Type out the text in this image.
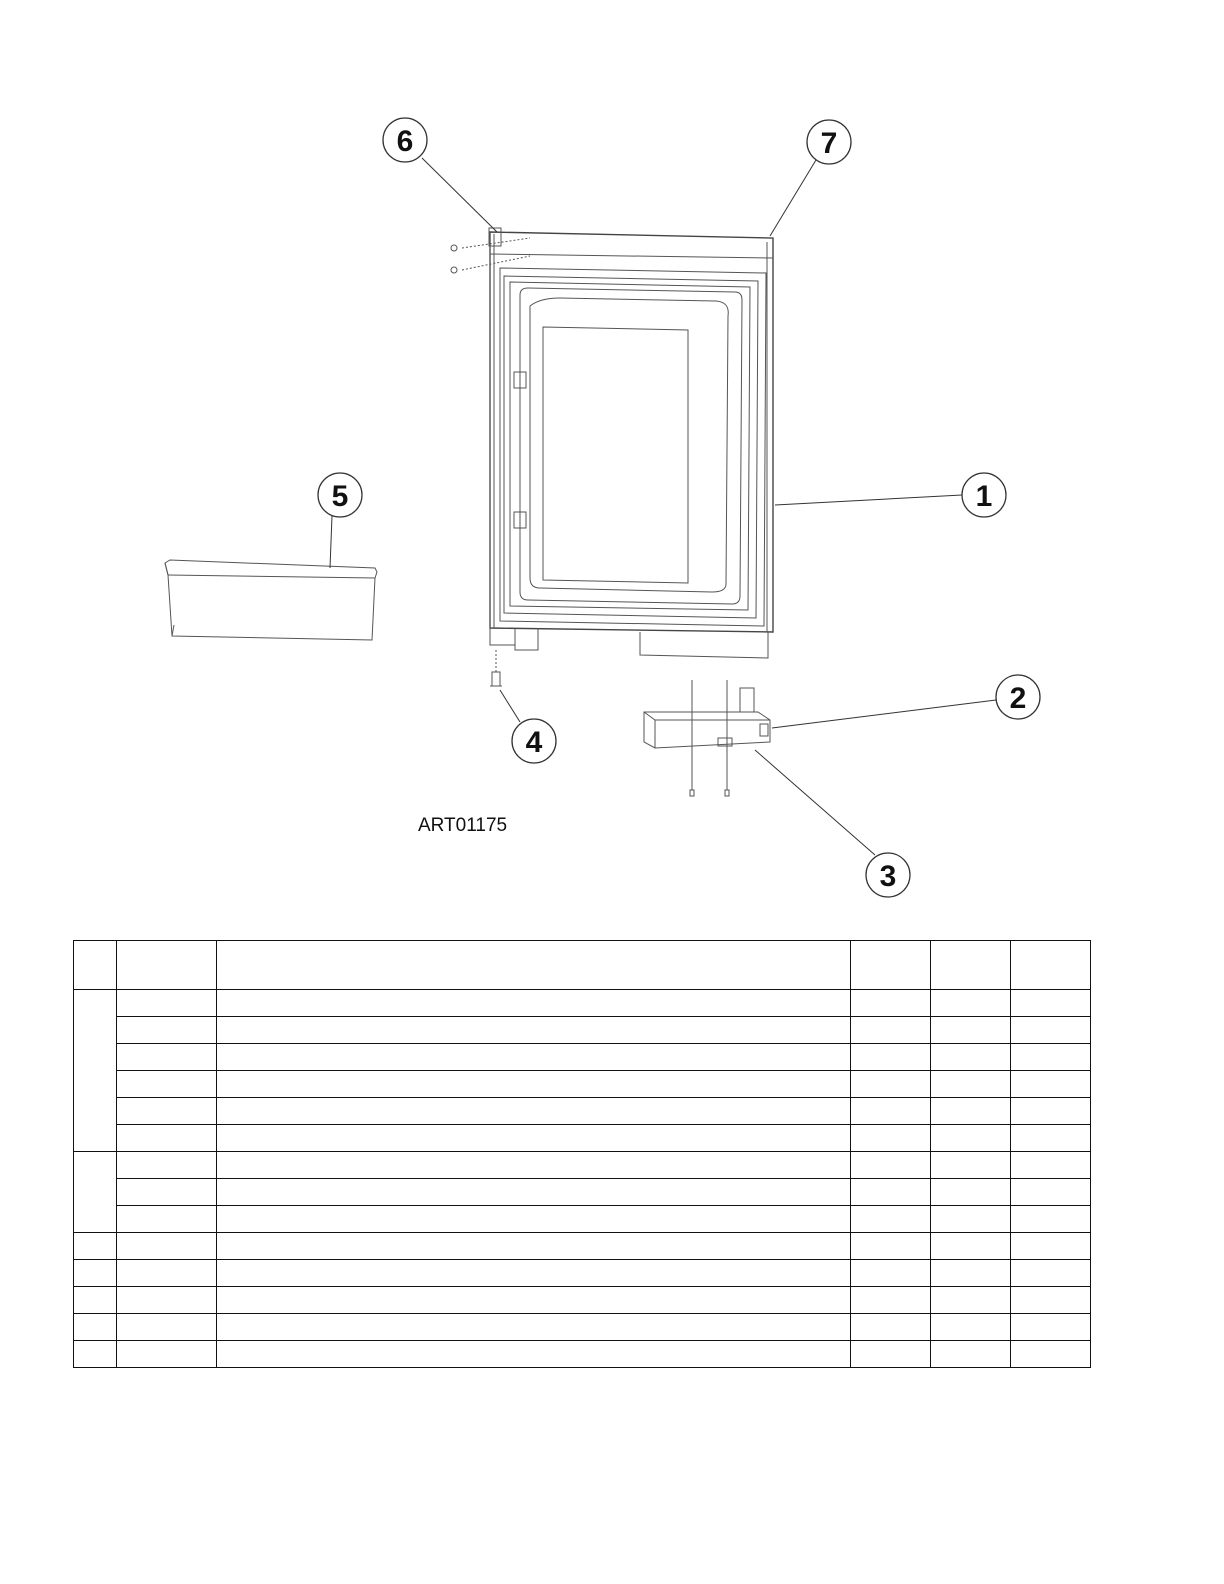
6	7
5	1
2
4
3
ART01175
